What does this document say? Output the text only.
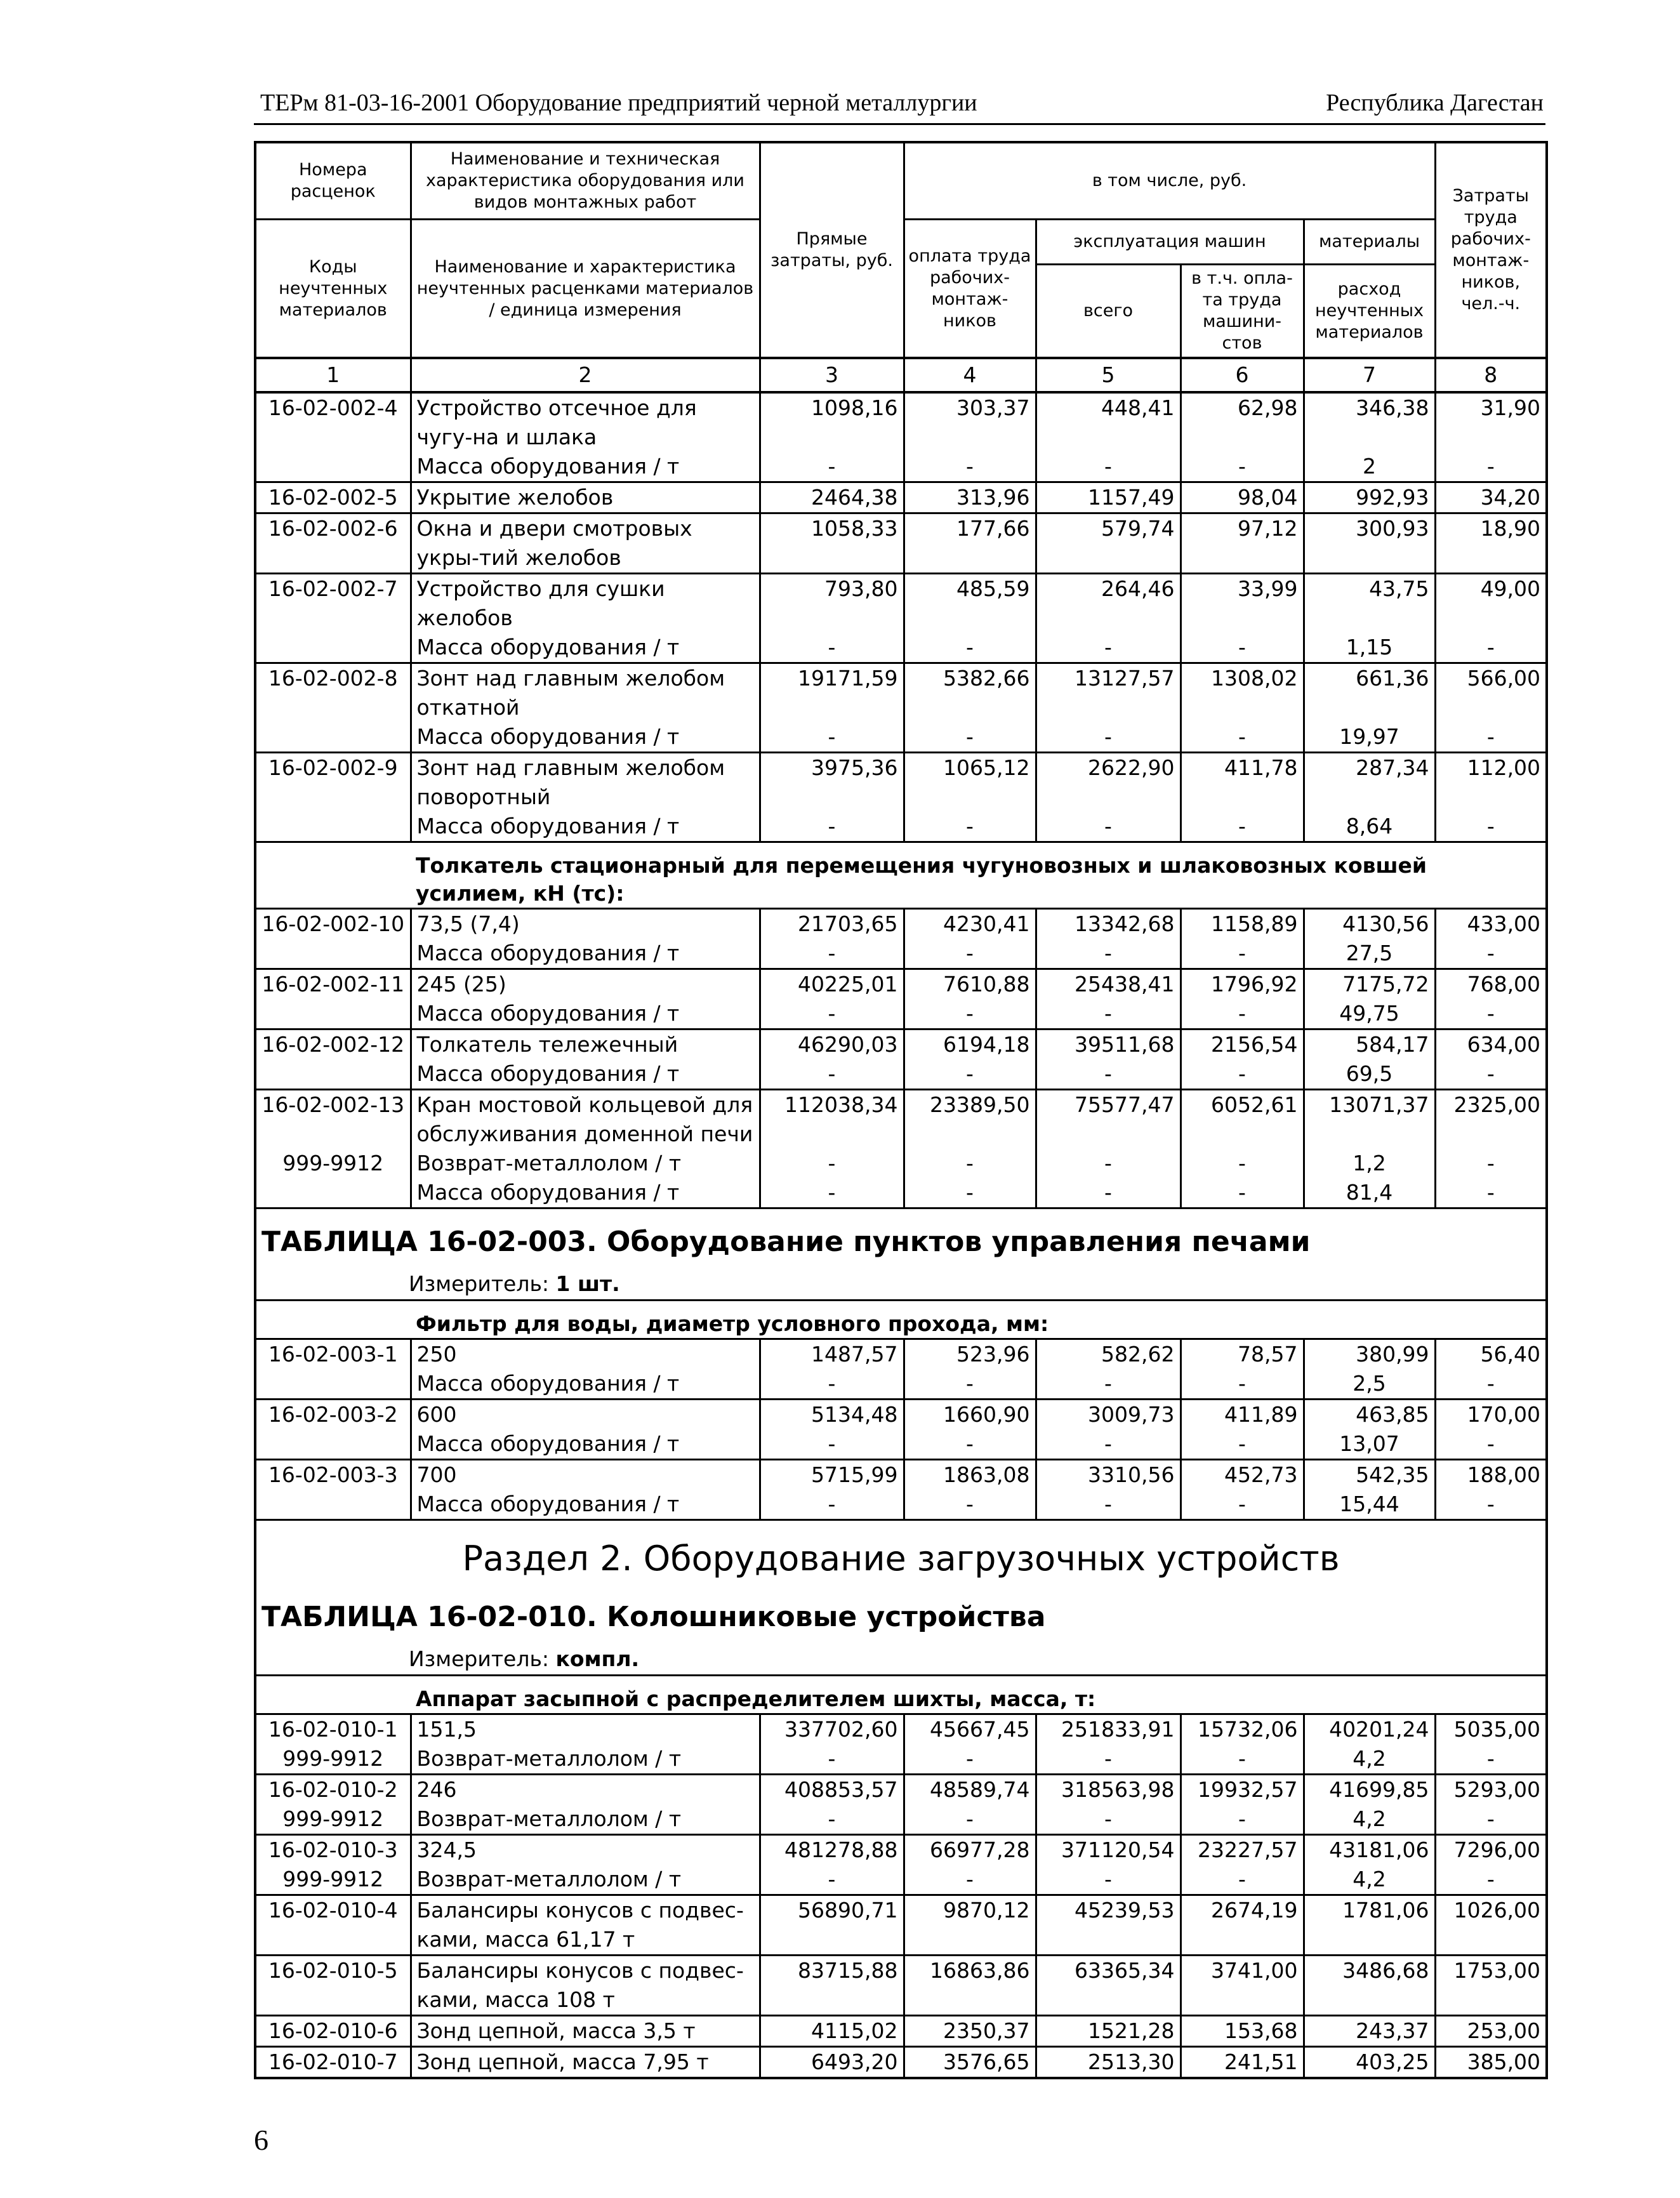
ТЕРм 81-03-16-2001 Оборудование предприятий черной металлургии	Республика Дагестан
Номера расценок	Наименование и техническая характеристика оборудования или видов монтажных работ	Прямые затраты, руб.	в том числе, руб.				Затраты труда рабочих-монтаж-ников, чел.-ч.
Коды неучтенных материалов	Наименование и характеристика неучтенных расценками материалов / единица измерения		оплата труда рабочих-монтаж-ников	эксплуатация машин		материалы	
				всего	в т.ч. опла-та труда машини-стов	расход неучтенных материалов	
1	2	3	4	5	6	7	8
16-02-002-4	Устройство отсечное для чугу-на и шлака	1098,16	303,37	448,41	62,98	346,38	31,90
	Масса оборудования / т	-	-	-	-	2	-
16-02-002-5	Укрытие желобов	2464,38	313,96	1157,49	98,04	992,93	34,20
16-02-002-6	Окна и двери смотровых укры-тий желобов	1058,33	177,66	579,74	97,12	300,93	18,90
16-02-002-7	Устройство для сушки желобов	793,80	485,59	264,46	33,99	43,75	49,00
	Масса оборудования / т	-	-	-	-	1,15	-
16-02-002-8	Зонт над главным желобом откатной	19171,59	5382,66	13127,57	1308,02	661,36	566,00
	Масса оборудования / т	-	-	-	-	19,97	-
16-02-002-9	Зонт над главным желобом поворотный	3975,36	1065,12	2622,90	411,78	287,34	112,00
	Масса оборудования / т	-	-	-	-	8,64	-
	Толкатель стационарный для перемещения чугуновозных и шлаковозных ковшей усилием, кН (тс):						
16-02-002-10	73,5 (7,4)	21703,65	4230,41	13342,68	1158,89	4130,56	433,00
	Масса оборудования / т	-	-	-	-	27,5	-
16-02-002-11	245 (25)	40225,01	7610,88	25438,41	1796,92	7175,72	768,00
	Масса оборудования / т	-	-	-	-	49,75	-
16-02-002-12	Толкатель тележечный	46290,03	6194,18	39511,68	2156,54	584,17	634,00
	Масса оборудования / т	-	-	-	-	69,5	-
16-02-002-13	Кран мостовой кольцевой для обслуживания доменной печи	112038,34	23389,50	75577,47	6052,61	13071,37	2325,00
999-9912	Возврат-металлолом / т	-	-	-	-	1,2	-
	Масса оборудования / т	-	-	-	-	81,4	-
ТАБЛИЦА 16-02-003. Оборудование пунктов управления печами							
Измеритель: 1 шт.							
	Фильтр для воды, диаметр условного прохода, мм:						
16-02-003-1	250	1487,57	523,96	582,62	78,57	380,99	56,40
	Масса оборудования / т	-	-	-	-	2,5	-
16-02-003-2	600	5134,48	1660,90	3009,73	411,89	463,85	170,00
	Масса оборудования / т	-	-	-	-	13,07	-
16-02-003-3	700	5715,99	1863,08	3310,56	452,73	542,35	188,00
	Масса оборудования / т	-	-	-	-	15,44	-
Раздел 2. Оборудование загрузочных устройств							
ТАБЛИЦА 16-02-010. Колошниковые устройства							
Измеритель: компл.							
	Аппарат засыпной с распределителем шихты, масса, т:						
16-02-010-1	151,5	337702,60	45667,45	251833,91	15732,06	40201,24	5035,00
999-9912	Возврат-металлолом / т	-	-	-	-	4,2	-
16-02-010-2	246	408853,57	48589,74	318563,98	19932,57	41699,85	5293,00
999-9912	Возврат-металлолом / т	-	-	-	-	4,2	-
16-02-010-3	324,5	481278,88	66977,28	371120,54	23227,57	43181,06	7296,00
999-9912	Возврат-металлолом / т	-	-	-	-	4,2	-
16-02-010-4	Балансиры конусов с подвес-ками, масса 61,17 т	56890,71	9870,12	45239,53	2674,19	1781,06	1026,00
16-02-010-5	Балансиры конусов с подвес-ками, масса 108 т	83715,88	16863,86	63365,34	3741,00	3486,68	1753,00
16-02-010-6	Зонд цепной, масса 3,5 т	4115,02	2350,37	1521,28	153,68	243,37	253,00
16-02-010-7	Зонд цепной, масса 7,95 т	6493,20	3576,65	2513,30	241,51	403,25	385,00
6
